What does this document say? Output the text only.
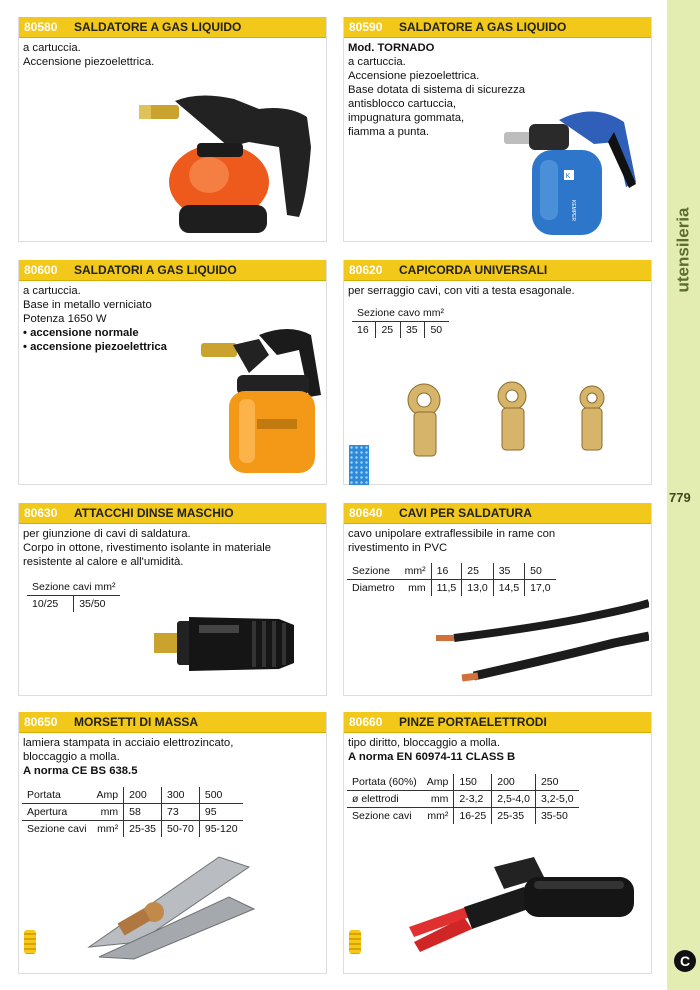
utensileria
779
C
80580	SALDATORE A GAS LIQUIDO

a cartuccia.

Accensione piezoelettrica.

80590	SALDATORE A GAS LIQUIDO

Mod. TORNADO

a cartuccia.

Accensione piezoelettrica.

Base dotata di sistema di sicurezza

antisblocco cartuccia,

impugnatura gommata,

fiamma a punta.

K
KEMPER
80600	SALDATORI A GAS LIQUIDO

a cartuccia.

Base in metallo verniciato

Potenza 1650 W

• accensione normale

• accensione piezoelettrica

80620	CAPICORDA UNIVERSALI

per serraggio cavi, con viti a testa esagonale.

Sezione cavo mm²
16	25	35	50
80630	ATTACCHI DINSE MASCHIO

per giunzione di cavi di saldatura.

Corpo in ottone, rivestimento isolante in materiale

resistente al calore e all'umidità.

Sezione cavi mm²
10/25	35/50
80640	CAVI PER SALDATURA

cavo unipolare extraflessibile in rame con

rivestimento in PVC

Sezione	mm²	16	25	35	50
Diametro	mm	11,5	13,0	14,5	17,0
80650	MORSETTI DI MASSA

lamiera stampata in acciaio elettrozincato,

bloccaggio a molla.

A norma CE BS 638.5

Portata	Amp	200	300	500
Apertura	mm	58	73	95
Sezione cavi	mm²	25-35	50-70	95-120
80660	PINZE PORTAELETTRODI

tipo diritto, bloccaggio a molla.

A norma EN 60974-11 CLASS B

Portata (60%)	Amp	150	200	250
ø elettrodi	mm	2-3,2	2,5-4,0	3,2-5,0
Sezione cavi	mm²	16-25	25-35	35-50
